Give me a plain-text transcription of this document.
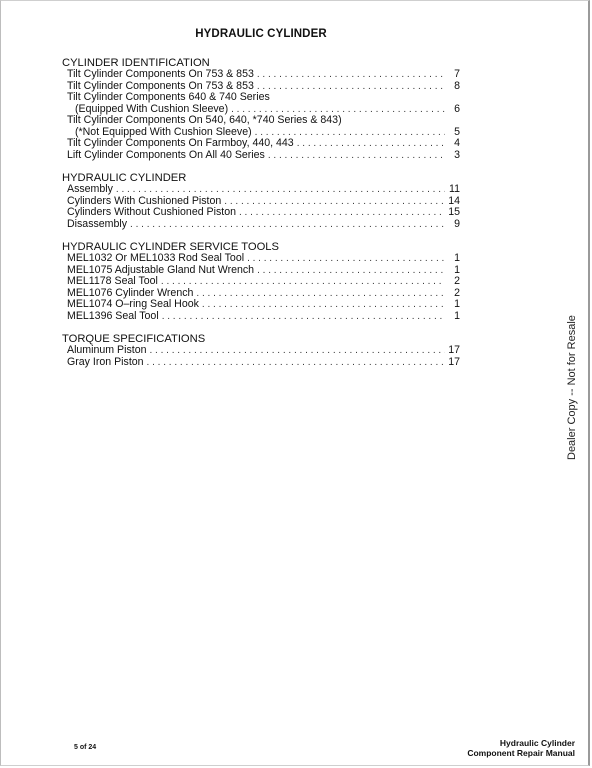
HYDRAULIC CYLINDER
CYLINDER IDENTIFICATION
Tilt Cylinder Components On 753 & 853 . . .	7
Tilt Cylinder Components On 753 & 853 . . .	8
Tilt Cylinder Components 640 & 740 Series
(Equipped With Cushion Sleeve) . . .	6
Tilt Cylinder Components On 540, 640, *740 Series & 843)
(*Not Equipped With Cushion Sleeve) . . .	5
Tilt Cylinder Components On Farmboy, 440, 443 . . .	4
Lift Cylinder Components On All 40 Series . . .	3
HYDRAULIC CYLINDER
Assembly . . .	11
Cylinders With Cushioned Piston . . .	14
Cylinders Without Cushioned Piston . . .	15
Disassembly . . .	9
HYDRAULIC CYLINDER SERVICE TOOLS
MEL1032 Or MEL1033 Rod Seal Tool . . .	1
MEL1075 Adjustable Gland Nut Wrench . . .	1
MEL1178 Seal Tool . . .	2
MEL1076 Cylinder Wrench . . .	2
MEL1074 O–ring Seal Hook . . .	1
MEL1396 Seal Tool . . .	1
TORQUE SPECIFICATIONS
Aluminum Piston . . .	17
Gray Iron Piston . . .	17	Dealer Copy -- Not for Resale
5 of 24	Hydraulic Cylinder
Component Repair Manual
